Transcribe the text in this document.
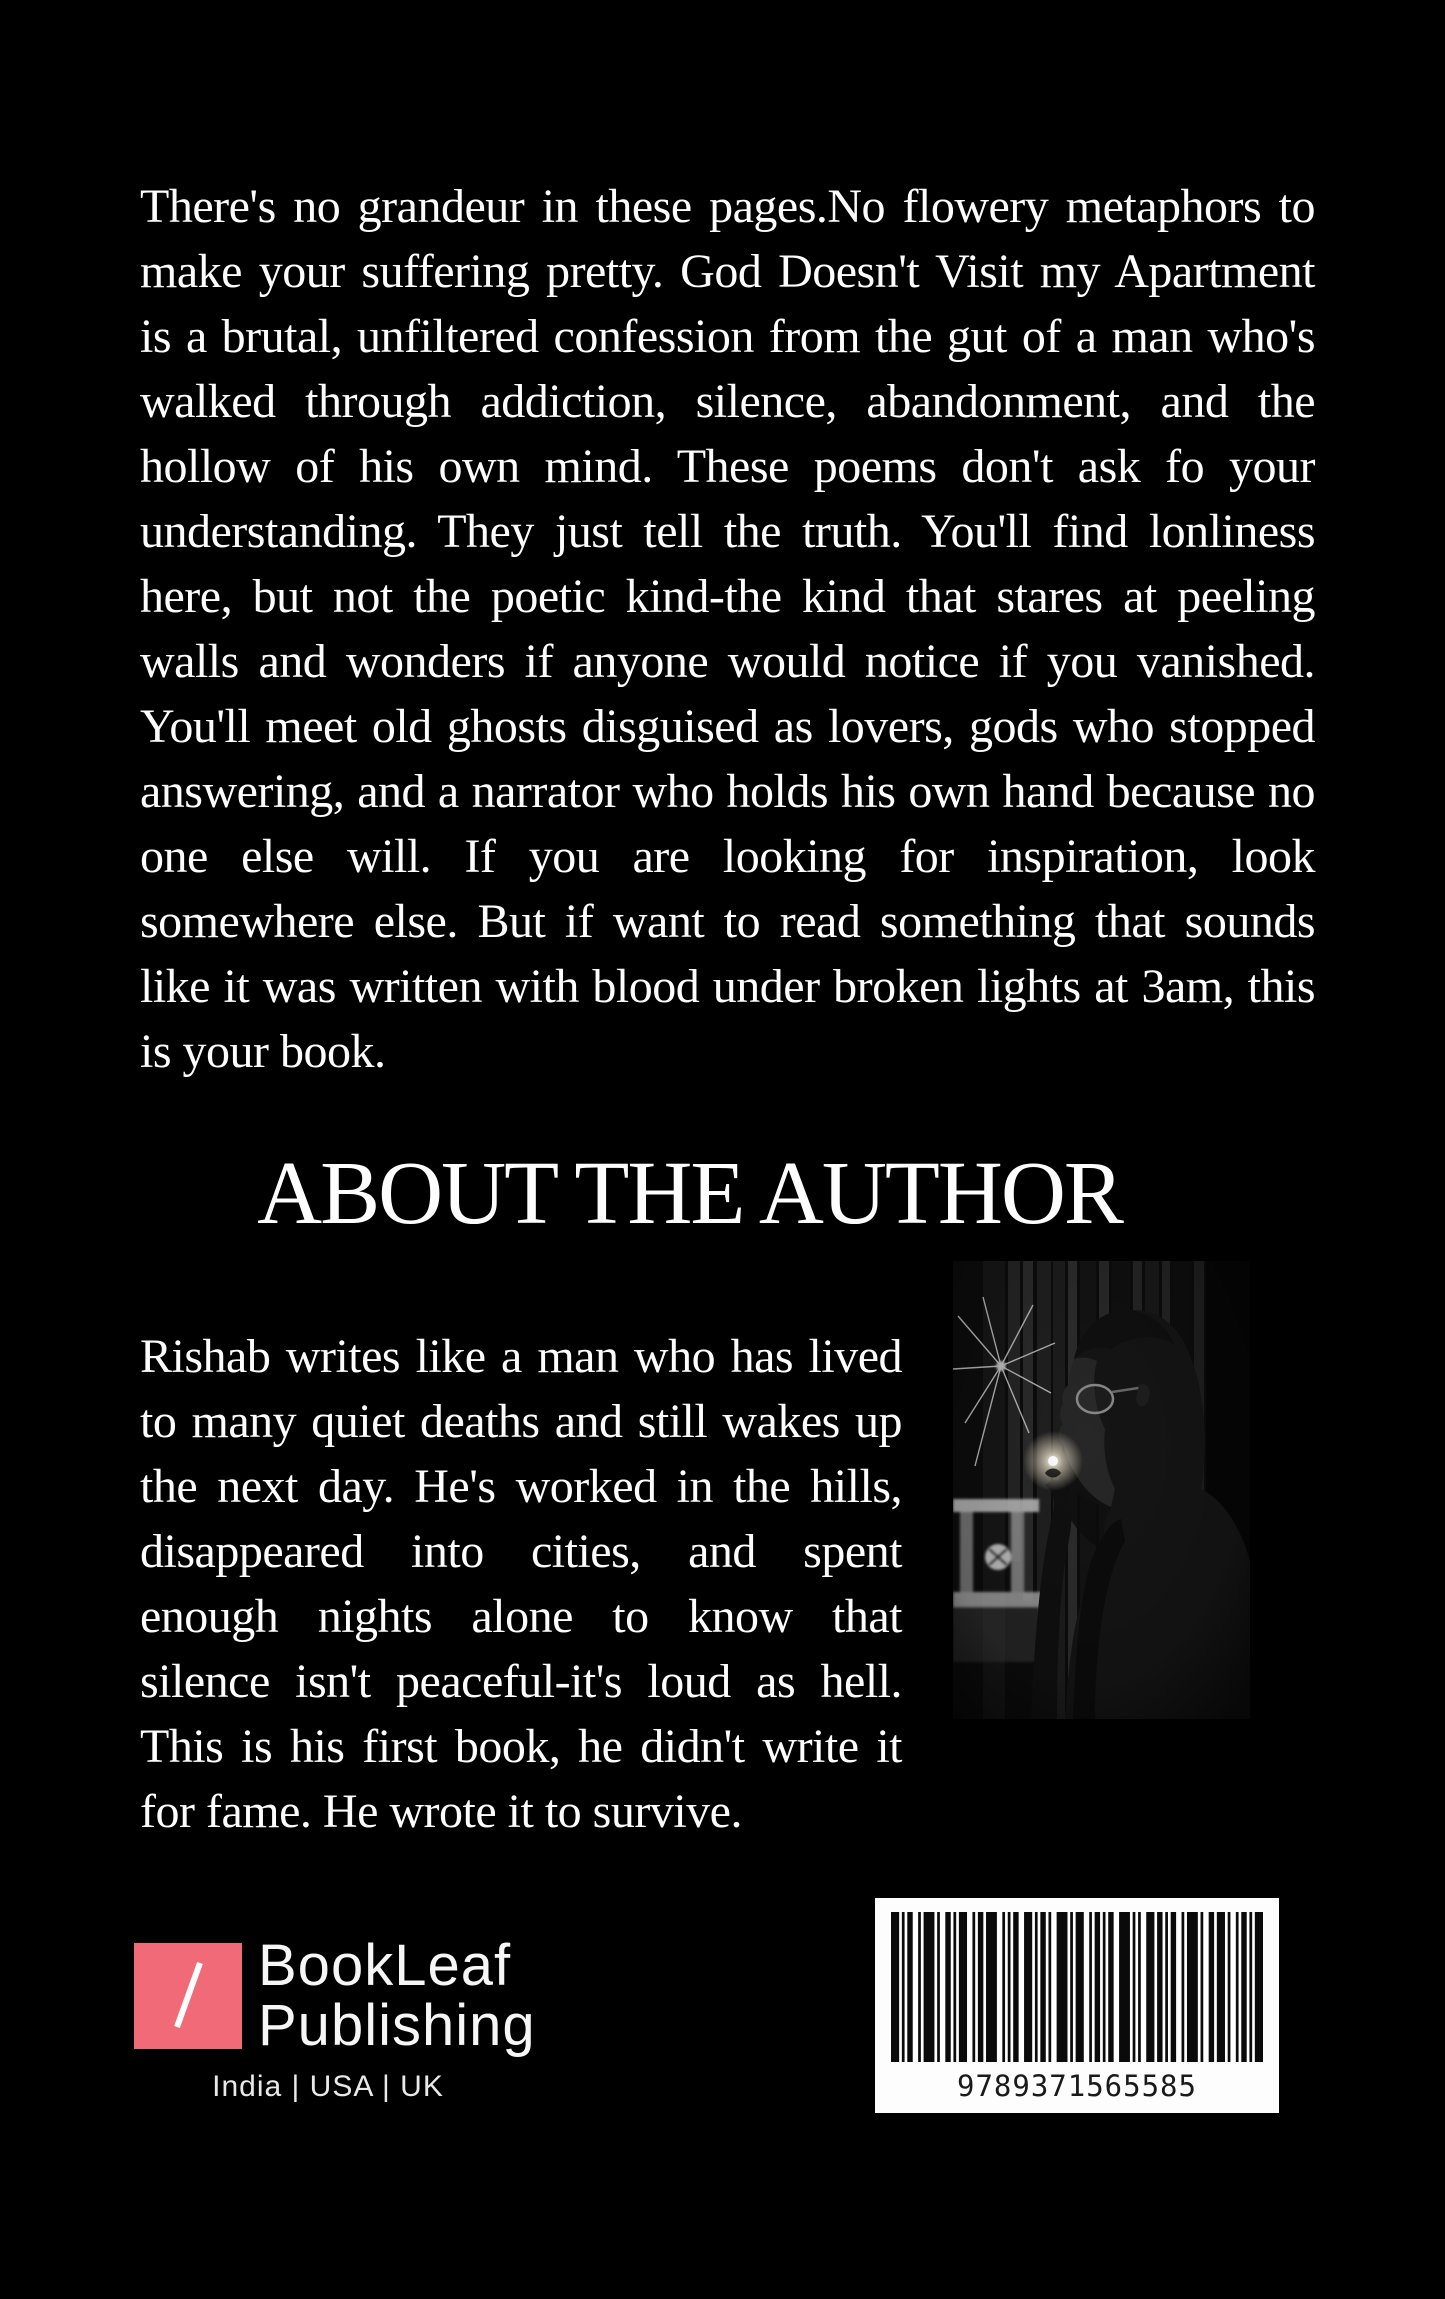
There's no grandeur in these pages.No flowery metaphors to make your suffering pretty. God Doesn't Visit my Apartment is a brutal, unfiltered confession from the gut of a man who's walked through addiction, silence, abandonment, and the hollow of his own mind. These poems don't ask fo your understanding. They just tell the truth. You'll find lonliness here, but not the poetic kind-the kind that stares at peeling walls and wonders if anyone would notice if you vanished. You'll meet old ghosts disguised as lovers, gods who stopped answering, and a narrator who holds his own hand because no one else will. If you are looking for inspiration, look somewhere else. But if want to read something that sounds like it was written with blood under broken lights at 3am, this is your book.

ABOUT THE AUTHOR

Rishab writes like a man who has lived to many quiet deaths and still wakes up the next day. He's worked in the hills, disappeared into cities, and spent enough nights alone to know that silence isn't peaceful-it's loud as hell. This is his first book, he didn't write it for fame. He wrote it to survive.

BookLeaf
Publishing
India | USA | UK	9789371565585
